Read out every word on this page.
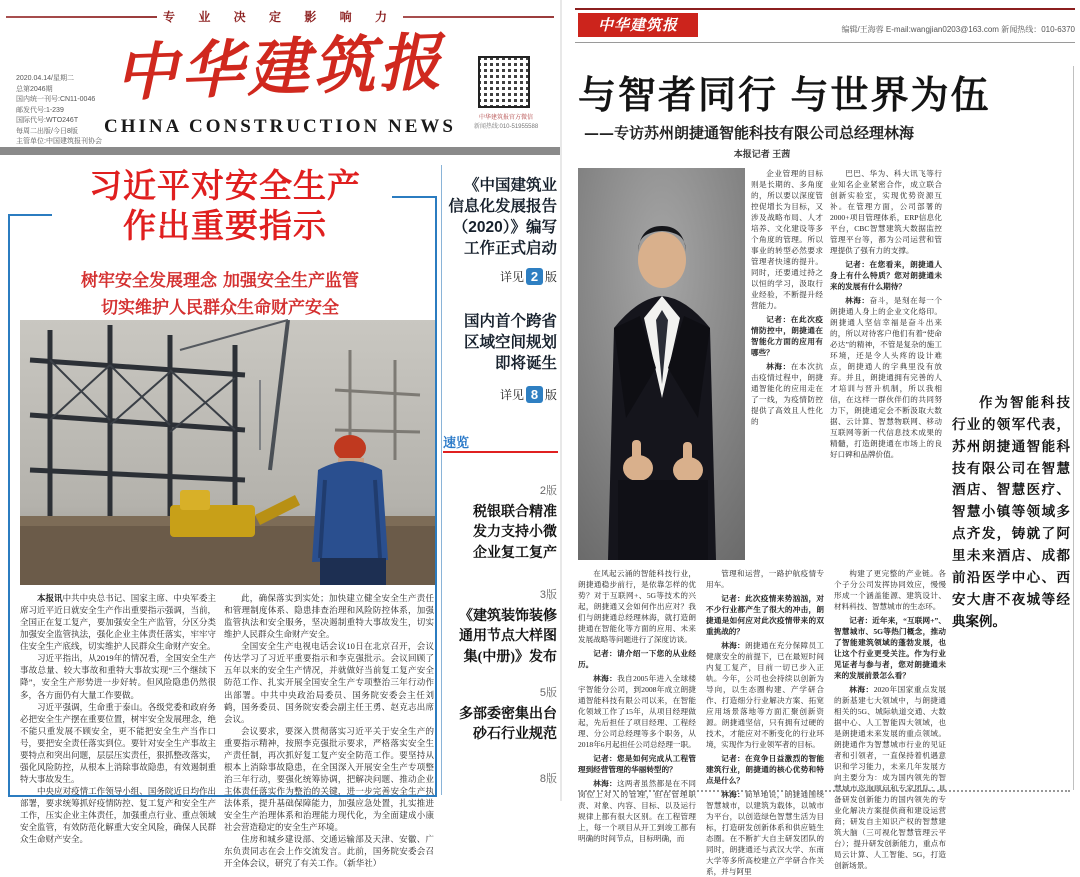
专 业 决 定 影 响 力
中华建筑报
CHINA CONSTRUCTION NEWS
2020.04.14/星期二
总第2046期
国内统一刊号:CN11-0046
邮发代号:1-239
国际代号:WTO246T
每周二出版/今日8版
主管单位:中国建筑报刊协会
中华建筑报官方微信
新闻热线:010-51955588
习近平对安全生产
作出重要指示
树牢安全发展理念 加强安全生产监管
切实维护人民群众生命财产安全

本报讯中共中央总书记、国家主席、中央军委主席习近平近日就安全生产作出重要指示强调，当前，全国正在复工复产，要加强安全生产监管，分区分类加强安全监管执法，强化企业主体责任落实，牢牢守住安全生产底线，切实维护人民群众生命财产安全。

习近平指出，从2019年的情况看，全国安全生产事故总量、较大事故和重特大事故实现“三个继续下降”，安全生产形势进一步好转。但风险隐患仍然很多，各方面仍有大量工作要做。

习近平强调，生命重于泰山。各级党委和政府务必把安全生产摆在重要位置，树牢安全发展理念，绝不能只重发展不顾安全，更不能把安全生产当作口号，要把安全责任落实到位。要针对安全生产事故主要特点和突出问题，层层压实责任，狠抓整改落实，强化风险防控，从根本上消除事故隐患，有效遏制重特大事故发生。

中央应对疫情工作领导小组、国务院近日均作出部署，要求统筹抓好疫情防控、复工复产和安全生产工作，压实企业主体责任，加强重点行业、重点领域安全监管，有效防范化解重大安全风险，确保人民群众生命财产安全。

此，确保落实到实处；加快建立健全安全生产责任和管理制度体系、隐患排查治理和风险防控体系，加强监管执法和安全服务，坚决遏制重特大事故发生，切实维护人民群众生命财产安全。

全国安全生产电视电话会议10日在北京召开，会议传达学习了习近平重要指示和李克强批示。会议回顾了五年以来的安全生产情况，并就做好当前复工复产安全防范工作、扎实开展全国安全生产专项整治三年行动作出部署。中共中央政治局委员、国务院安委会主任刘鹤，国务委员、国务院安委会副主任王勇、赵克志出席会议。

会议要求，要深入贯彻落实习近平关于安全生产的重要指示精神，按照李克强批示要求，严格落实安全生产责任制，再次抓好复工复产安全防范工作。要坚持从根本上消除事故隐患，在全国深入开展安全生产专项整治三年行动，要强化统筹协调，把解决问题、推动企业主体责任落实作为整治的关键，进一步完善安全生产执法体系，提升基础保障能力，加强应急处置，扎实推进安全生产治理体系和治理能力现代化，为全面建成小康社会营造稳定的安全生产环境。

住房和城乡建设部、交通运输部及天津、安徽、广东负责同志在会上作交流发言。此前，国务院安委会召开全体会议，研究了有关工作。（新华社）

《中国建筑业
信息化发展报告
（2020）》编写
工作正式启动
详见 2 版
国内首个跨省
区域空间规划
即将诞生
详见 8 版
速览
2版
税银联合精准
发力支持小微
企业复工复产
3版
《建筑装饰装修
通用节点大样图
集(中册)》发布
5版
多部委密集出台
砂石行业规范
8版
中华建筑报	编辑/王海蓉 E-mail:wangjian0203@163.com 新闻热线：010-6370
与智者同行 与世界为伍
——专访苏州朗捷通智能科技有限公司总经理林海
本报记者 王茜

企业管理的目标则是长期的、多角度的，所以要以深度管控促增长为目标，又涉及战略布局、人才培养、文化建设等多个角度的管理。所以事业的转型必然要求管理者快速的提升。同时，还要通过持之以恒的学习，汲取行业经验，不断提升经营能力。

记者：在此次疫情防控中，朗捷通在智能化方面的应用有哪些？

林海：在本次抗击疫情过程中，朗捷通智能化的应用走在了一线，为疫情防控提供了高效且人性化的

巴巴、华为、科大讯飞等行业知名企业紧密合作，成立联合创新实验室，实现优势资源互补。在管理方面，公司部署的2000+项目管理体系，ERP信息化平台，CBC智慧建筑大数据监控管理平台等，都为公司运营和管理提供了强有力的支撑。

记者：在您看来，朗捷通人身上有什么特质？您对朗捷通未来的发展有什么期待？

林海：奋斗，是刻在每一个朗捷通人身上的企业文化烙印。朗捷通人坚信幸福是奋斗出来的，所以对待客户他们有着“使命必达”的精神，不管是复杂的施工环境，还是令人头疼的设计难点，朗捷通人的字典里没有放弃。并且，朗捷通拥有完善的人才培训与晋升机制，所以我相信，在这样一群伙伴们的共同努力下，朗捷通定会不断汲取大数据、云计算、智慧物联网、移动互联网等新一代信息技术成果的精髓，打造朗捷通在市场上的良好口碑和品牌价值。

作为智能科技行业的领军代表，苏州朗捷通智能科技有限公司在智慧酒店、智慧医疗、智慧小镇等领域多点齐发，铸就了阿里未来酒店、成都前沿医学中心、西安大唐不夜城等经典案例。

在风起云涌的智能科技行业，朗捷通稳步前行，是依靠怎样的优势？对于互联网+、5G等技术的兴起，朗捷通又会如何作出应对？我们与朗捷通总经理林海，就打造朗捷通在智能化等方面的应用、未来发展战略等问题进行了深度访谈。

记者：请介绍一下您的从业经历。

林海：我自2005年进入全球楼宇智能分公司，到2008年成立朗捷通智能科技有限公司以来，在智能化领域工作了15年，从项目经理做起，先后担任了项目经理、工程经理、分公司总经理等多个职务，从2018年6月起担任公司总经理一职。

记者：您是如何完成从工程管理到经营管理的华丽转型的？

林海：这两者虽然都是在不同岗位上对人的管理，但在管理职责、对象、内容、目标、以及运行规律上都有很大区别。在工程管理上，每一个项目从开工到竣工都有明确的时间节点，目标明确，而

管理和运营，一路护航疫情专用车。

记者：此次疫情来势汹汹，对不少行业都产生了很大的冲击，朗捷通是如何应对此次疫情带来的双重挑战的？

林海：朗捷通在充分保障员工健康安全的前提下，已在最短时间内复工复产，目前一切已步入正轨。今年，公司也会持续以创新为导向，以生态圈构建、产学研合作、打造细分行业解决方案、拓宽应用场景落地等方面汇聚创新资源。朗捷通坚信，只有拥有过硬的技术，才能应对不断变化的行业环境，实现作为行业领军者的目标。

记者：在竞争日益激烈的智能建筑行业，朗捷通的核心优势和特点是什么？

林海：简单地说，朗捷通围绕智慧城市，以建筑为载体，以城市为平台，以创造绿色智慧生活为目标，打造研发创新体系和供应链生态圈。在不断扩大自主研发团队的同时，朗捷通还与武汉大学、东南大学等多所高校建立产学研合作关系，并与阿里

构建了更完整的产业链。各个子分公司发挥协同效应，慢慢形成一个涵盖能源、建筑设计、材料科技、智慧城市的生态环。

记者：近年来，“互联网+”、智慧城市、5G等热门概念，推动了智能建筑领域的蓬勃发展，也让这个行业更受关注。作为行业见证者与参与者，您对朗捷通未来的发展前景怎么看？

林海：2020年国家重点发展的新基建七大领域中，与朗捷通相关的5G、城际轨道交通、大数据中心、人工智能四大领域，也是朗捷通未来发展的重点领域。朗捷通作为智慧城市行业的见证者和引领者，一直保持着机遇意识和学习能力，未来几年发展方向主要分为：成为国内领先的智慧城市咨询顾问和专家团队；具备研发创新能力的国内领先的专业化解决方案提供商和建设运营商；研发自主知识产权的智慧建筑大脑（三可视化智慧管理云平台）；提升研发创新能力，重点布局云计算、人工智能、5G，打造创新场景。
